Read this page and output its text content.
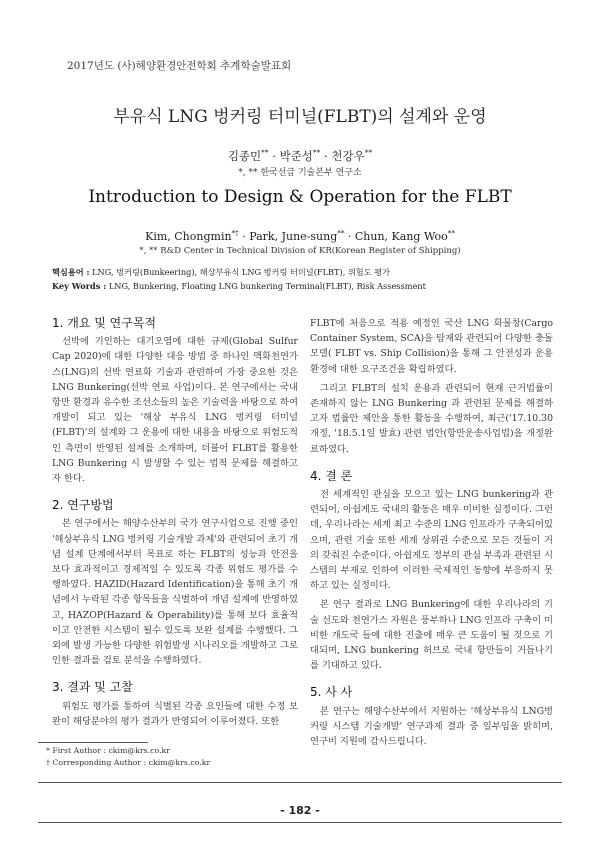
2017년도 (사)해양환경안전학회 추계학술발표회
부유식 LNG 벙커링 터미널(FLBT)의 설계와 운영
김종민** · 박준성** · 천강우**
*, ** 한국선급 기술본부 연구소
Introduction to Design & Operation for the FLBT
Kim, Chongmin*† · Park, June-sung** · Chun, Kang Woo**
*, ** R&D Center in Technical Division of KR(Korean Register of Shipping)
핵심용어 : LNG, 벙커링(Bunkeering), 해상부유식 LNG 벙커링 터미널(FLBT), 위험도 평가
Key Words : LNG, Bunkering, Floating LNG bunkering Terminal(FLBT), Risk Assessment
1. 개요 및 연구목적

선박에 기인하는 대기오염에 대한 규제(Global Sulfur Cap 2020)에 대한 다양한 대응 방법 중 하나인 액화천연가스(LNG)의 선박 연료화 기술과 관련하여 가장 중요한 것은 LNG Bunkering(선박 연료 사업)이다. 본 연구에서는 국내 항만 환경과 유수한 조선소들의 높은 기술력을 바탕으로 하여 개발이 되고 있는 '해상 부유식 LNG 벙커링 터미널(FLBT)'의 설계와 그 운용에 대한 내용을 바탕으로 위험도적인 측면이 반영된 설계를 소개하며, 더불어 FLBT를 활용한 LNG Bunkering 시 발생할 수 있는 법적 문제를 해결하고자 한다.

2. 연구방법

본 연구에서는 해양수산부의 국가 연구사업으로 진행 중인 '해상부유식 LNG 벙커링 기술개발 과제'와 관련되어 초기 개념 설계 단계에서부터 목표로 하는 FLBT의 성능과 안전을 보다 효과적이고 경제적일 수 있도록 각종 위험도 평가를 수행하였다. HAZID(Hazard Identification)을 통해 초기 개념에서 누락된 각종 항목들을 식별하여 개념 설계에 반영하였고, HAZOP(Hazard & Operability)를 통해 보다 효율적이고 안전한 시스템이 될수 있도록 보완 설계를 수행했다. 그 외에 발생 가능한 다양한 위험발생 시나리오를 개발하고 그로 인한 결과를 검토 분석을 수행하였다.

3. 결과 및 고찰

위험도 평가를 통하여 식별된 각종 요인들에 대한 수정 보완이 해당분야의 평가 결과가 반영되어 이루어졌다. 또한

FLBT에 처음으로 적용 예정인 국산 LNG 화물창(Cargo Container System, SCA)을 탑재와 관련되어 다양한 충돌모델( FLBT vs. Ship Collision)을 통해 그 안전성과 운용 환경에 대한 요구조건을 확립하였다.

그리고 FLBT의 설치 운용과 관련되어 현재 근거법률이 존재하지 않는 LNG Bunkering 과 관련된 문제를 해결하고자 법률안 제안을 통한 활동을 수행하여, 최근('17.10.30 개정, '18.5.1일 발효) 관련 법안(항만운송사업법)을 개정완료하였다.

4. 결 론

전 세계적인 관심을 모으고 있는 LNG bunkering과 관련되어, 아쉽게도 국내의 활동은 매우 미비한 실정이다. 그런데, 우리나라는 세계 최고 수준의 LNG 인프라가 구축되어있으며, 관련 기술 또한 세계 상위권 수준으로 모든 것들이 거의 갖춰진 수준이다. 아쉽게도 정부의 관심 부족과 관련된 시스템의 부재로 인하여 이러한 국제적인 동향에 부응하지 못하고 있는 실정이다.

본 연구 결과로 LNG Bunkering에 대한 우리나라의 기술 선도와 천연가스 자원은 풍부하나 LNG 인프라 구축이 미비한 개도국 들에 대한 진출에 매우 큰 도움이 될 것으로 기대되며, LNG bunkering 허브로 국내 항만들이 거듭나기를 기대하고 있다.

5. 사 사

본 연구는 해양수산부에서 지원하는 '해상부유식 LNG벙커링 시스템 기술개발' 연구과제 결과 중 일부임을 밝히며, 연구비 지원에 감사드립니다.

* First Author : ckim@krs.co.kr
† Corresponding Author : ckim@krs.co.kr
- 182 -
